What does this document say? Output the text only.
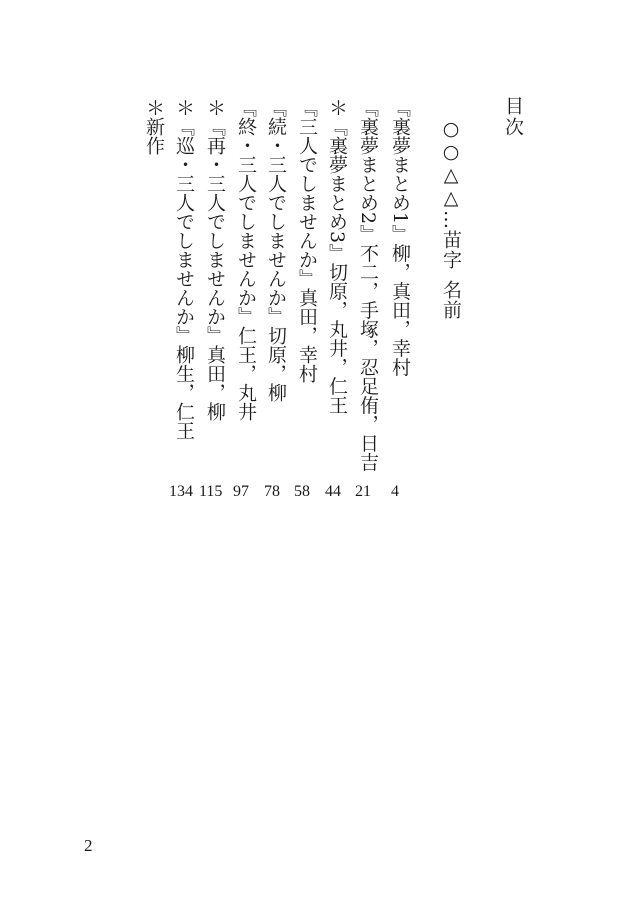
目次
○○△△…苗字名前
『裏夢まとめ1』柳，真田，幸村
4
『裏夢まとめ2』不二，手塚，忍足侑，日吉
21
＊『裏夢まとめ3』切原，丸井，仁王
44
『三人でしませんか』真田，幸村
58
『続・三人でしませんか』切原，柳
78
『終・三人でしませんか』仁王，丸井
97
＊『再・三人でしませんか』真田，柳
115
＊『巡・三人でしませんか』柳生，仁王
134
＊新作
2
